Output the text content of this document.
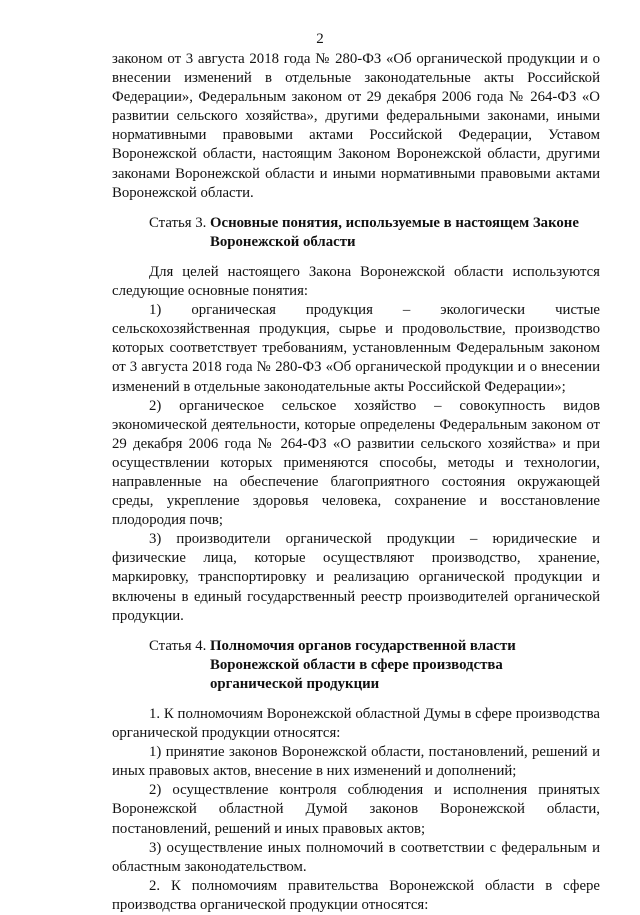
2

законом от 3 августа 2018 года № 280-ФЗ «Об органической продукции и о внесении изменений в отдельные законодательные акты Российской Федерации», Федеральным законом от 29 декабря 2006 года № 264-ФЗ «О развитии сельского хозяйства», другими федеральными законами, иными нормативными правовыми актами Российской Федерации, Уставом Воронежской области, настоящим Законом Воронежской области, другими законами Воронежской области и иными нормативными правовыми актами Воронежской области.

Статья 3. Основные понятия, используемые в настоящем Законе
Воронежской области

Для целей настоящего Закона Воронежской области используются следующие основные понятия:

1) органическая продукция – экологически чистые сельскохозяйственная продукция, сырье и продовольствие, производство которых соответствует требованиям, установленным Федеральным законом от 3 августа 2018 года № 280-ФЗ «Об органической продукции и о внесении изменений в отдельные законодательные акты Российской Федерации»;

2) органическое сельское хозяйство – совокупность видов экономической деятельности, которые определены Федеральным законом от 29 декабря 2006 года № 264-ФЗ «О развитии сельского хозяйства» и при осуществлении которых применяются способы, методы и технологии, направленные на обеспечение благоприятного состояния окружающей среды, укрепление здоровья человека, сохранение и восстановление плодородия почв;

3) производители органической продукции – юридические и физические лица, которые осуществляют производство, хранение, маркировку, транспортировку и реализацию органической продукции и включены в единый государственный реестр производителей органической продукции.

Статья 4. Полномочия органов государственной власти
Воронежской области в сфере производства
органической продукции

1. К полномочиям Воронежской областной Думы в сфере производства органической продукции относятся:

1) принятие законов Воронежской области, постановлений, решений и иных правовых актов, внесение в них изменений и дополнений;

2) осуществление контроля соблюдения и исполнения принятых Воронежской областной Думой законов Воронежской области, постановлений, решений и иных правовых актов;

3) осуществление иных полномочий в соответствии с федеральным и областным законодательством.

2. К полномочиям правительства Воронежской области в сфере производства органической продукции относятся:
